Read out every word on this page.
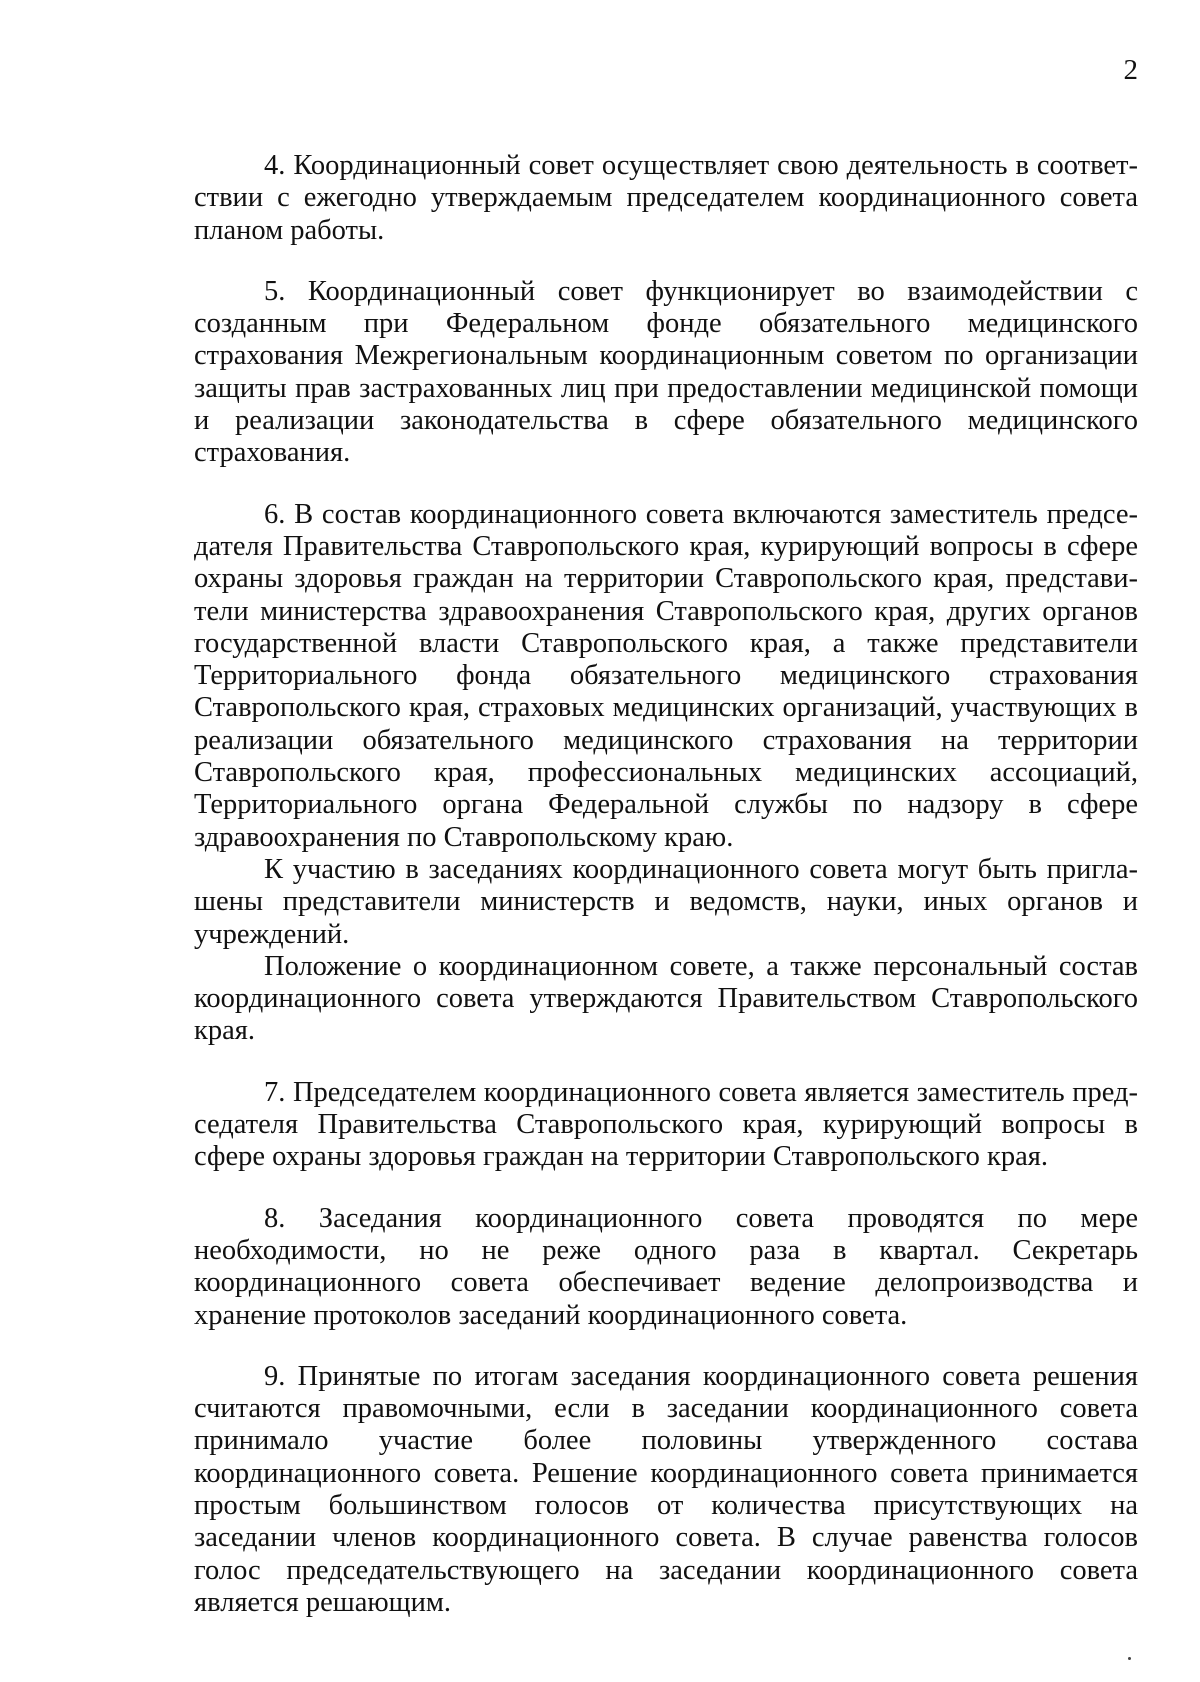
2

4. Координационный совет осуществляет свою деятельность в соответствии с ежегодно утверждаемым председателем координационного совета планом работы.

5. Координационный совет функционирует во взаимодействии с созданным при Федеральном фонде обязательного медицинского страхования Межрегиональным координационным советом по организации защиты прав застрахованных лиц при предоставлении медицинской помощи и реализации законодательства в сфере обязательного медицинского страхования.

6. В состав координационного совета включаются заместитель председателя Правительства Ставропольского края, курирующий вопросы в сфере охраны здоровья граждан на территории Ставропольского края, представители министерства здравоохранения Ставропольского края, других органов государственной власти Ставропольского края, а также представители Территориального фонда обязательного медицинского страхования Ставропольского края, страховых медицинских организаций, участвующих в реализации обязательного медицинского страхования на территории Ставропольского края, профессиональных медицинских ассоциаций, Территориального органа Федеральной службы по надзору в сфере здравоохранения по Ставропольскому краю.

К участию в заседаниях координационного совета могут быть приглашены представители министерств и ведомств, науки, иных органов и учреждений.

Положение о координационном совете, а также персональный состав координационного совета утверждаются Правительством Ставропольского края.

7. Председателем координационного совета является заместитель председателя Правительства Ставропольского края, курирующий вопросы в сфере охраны здоровья граждан на территории Ставропольского края.

8. Заседания координационного совета проводятся по мере необходимости, но не реже одного раза в квартал. Секретарь координационного совета обеспечивает ведение делопроизводства и хранение протоколов заседаний координационного совета.

9. Принятые по итогам заседания координационного совета решения считаются правомочными, если в заседании координационного совета принимало участие более половины утвержденного состава координационного совета. Решение координационного совета принимается простым большинством голосов от количества присутствующих на заседании членов координационного совета. В случае равенства голосов голос председательствующего на заседании координационного совета является решающим.
